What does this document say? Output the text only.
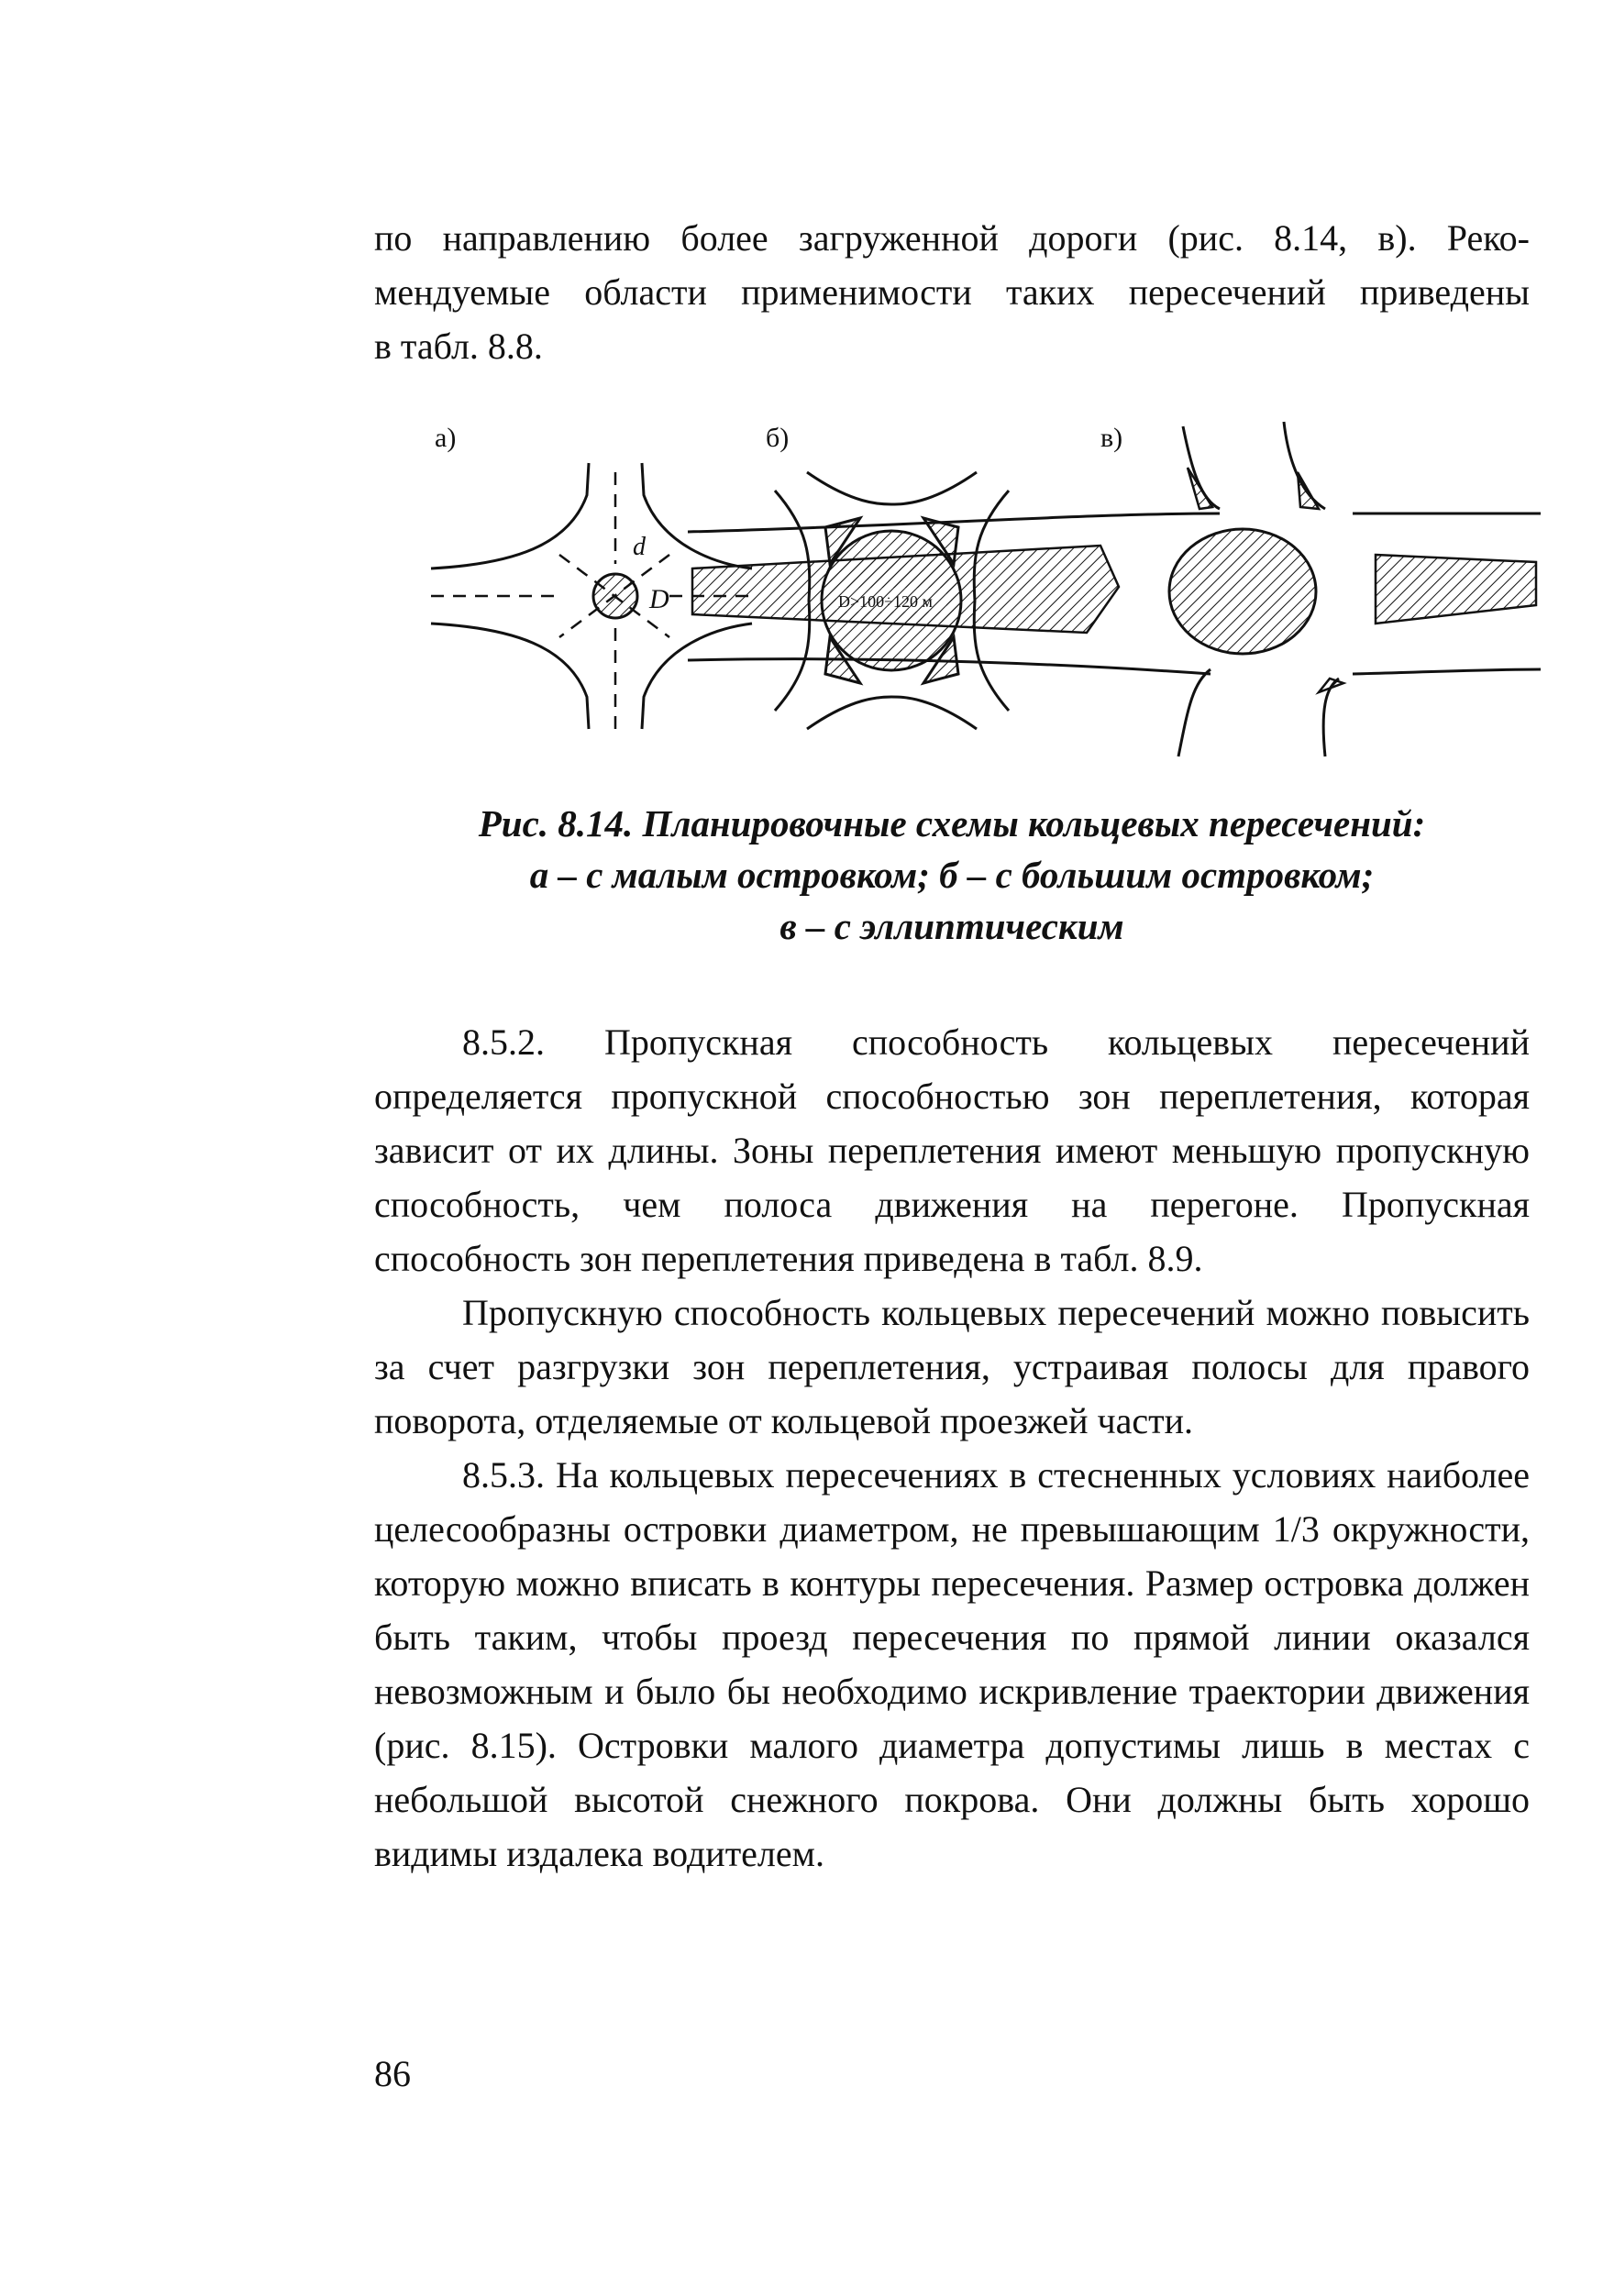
по направлению более загруженной дороги (рис. 8.14, в). Реко-

мендуемые области применимости таких пересечений приведены

в табл. 8.8.

а)	б)	в)
d
D
Рис. 8.14. Планировочные схемы кольцевых пересечений:
а – с малым островком; б – с большим островком;
в – с эллиптическим

8.5.2. Пропускная способность кольцевых пересечений определяется пропускной способностью зон переплетения, которая зависит от их длины. Зоны переплетения имеют меньшую пропускную способность, чем полоса движения на перегоне. Пропускная способность зон переплетения приведена в табл. 8.9.

Пропускную способность кольцевых пересечений можно повысить за счет разгрузки зон переплетения, устраивая полосы для правого поворота, отделяемые от кольцевой проезжей части.

8.5.3. На кольцевых пересечениях в стесненных условиях наиболее целесообразны островки диаметром, не превышающим 1/3 окружности, которую можно вписать в контуры пересечения. Размер островка должен быть таким, чтобы проезд пересечения по прямой линии оказался невозможным и было бы необходимо искривление траектории движения (рис. 8.15). Островки малого диаметра допустимы лишь в местах с небольшой высотой снежного покрова. Они должны быть хорошо видимы издалека водителем.

86
